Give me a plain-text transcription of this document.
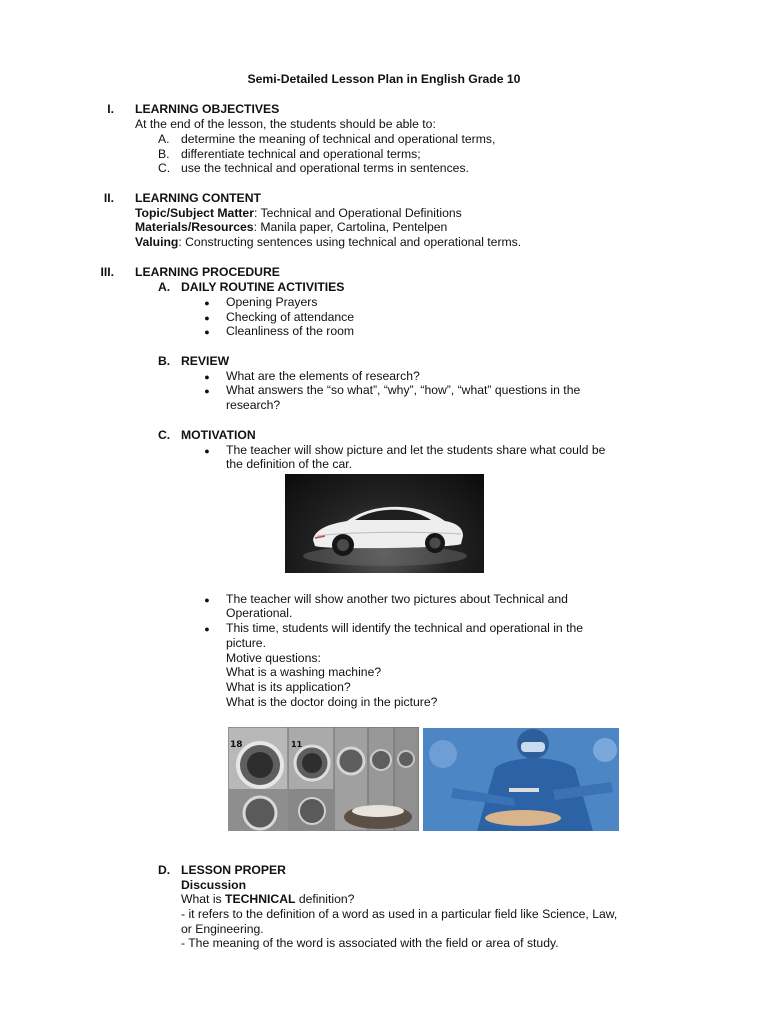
Semi-Detailed Lesson Plan in English Grade 10
I. LEARNING OBJECTIVES
At the end of the lesson, the students should be able to:
A. determine the meaning of technical and operational terms,
B. differentiate technical and operational terms;
C. use the technical and operational terms in sentences.
II. LEARNING CONTENT
Topic/Subject Matter: Technical and Operational Definitions
Materials/Resources: Manila paper, Cartolina, Pentelpen
Valuing: Constructing sentences using technical and operational terms.
III. LEARNING PROCEDURE
A. DAILY ROUTINE ACTIVITIES
●
Opening Prayers
●
Checking of attendance
●
Cleanliness of the room
B. REVIEW
●
What are the elements of research?
●
What answers the “so what”, “why”, “how”, “what” questions in the
research?
C. MOTIVATION
●
The teacher will show picture and let the students share what could be
the definition of the car.
●
The teacher will show another two pictures about Technical and
Operational.
●
This time, students will identify the technical and operational in the
picture.
Motive questions:
What is a washing machine?
What is its application?
What is the doctor doing in the picture?
18	11
D. LESSON PROPER
Discussion
What is TECHNICAL definition?
- it refers to the definition of a word as used in a particular field like Science, Law,
or Engineering.
- The meaning of the word is associated with the field or area of study.
